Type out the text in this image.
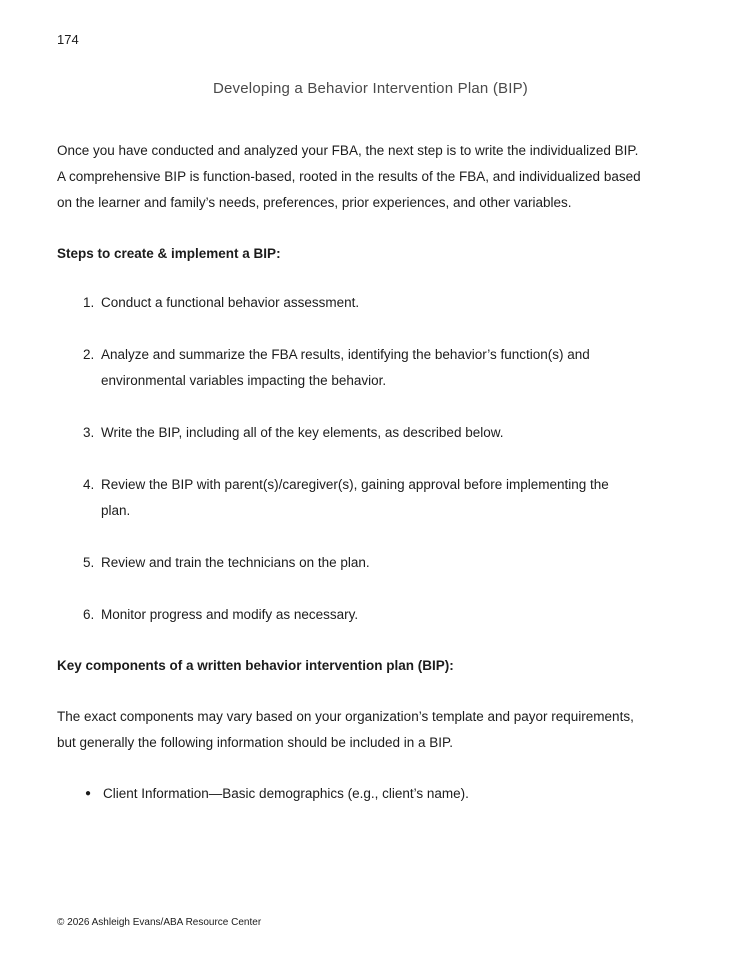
174
Developing a Behavior Intervention Plan (BIP)

Once you have conducted and analyzed your FBA, the next step is to write the individualized BIP. A comprehensive BIP is function-based, rooted in the results of the FBA, and individualized based on the learner and family’s needs, preferences, prior experiences, and other variables.

Steps to create & implement a BIP:

1. Conduct a functional behavior assessment.
2. Analyze and summarize the FBA results, identifying the behavior’s function(s) and environmental variables impacting the behavior.
3. Write the BIP, including all of the key elements, as described below.
4. Review the BIP with parent(s)/caregiver(s), gaining approval before implementing the plan.
5. Review and train the technicians on the plan.
6. Monitor progress and modify as necessary.

Key components of a written behavior intervention plan (BIP):

The exact components may vary based on your organization’s template and payor requirements, but generally the following information should be included in a BIP.

● Client Information—Basic demographics (e.g., client’s name).
© 2026 Ashleigh Evans/ABA Resource Center
